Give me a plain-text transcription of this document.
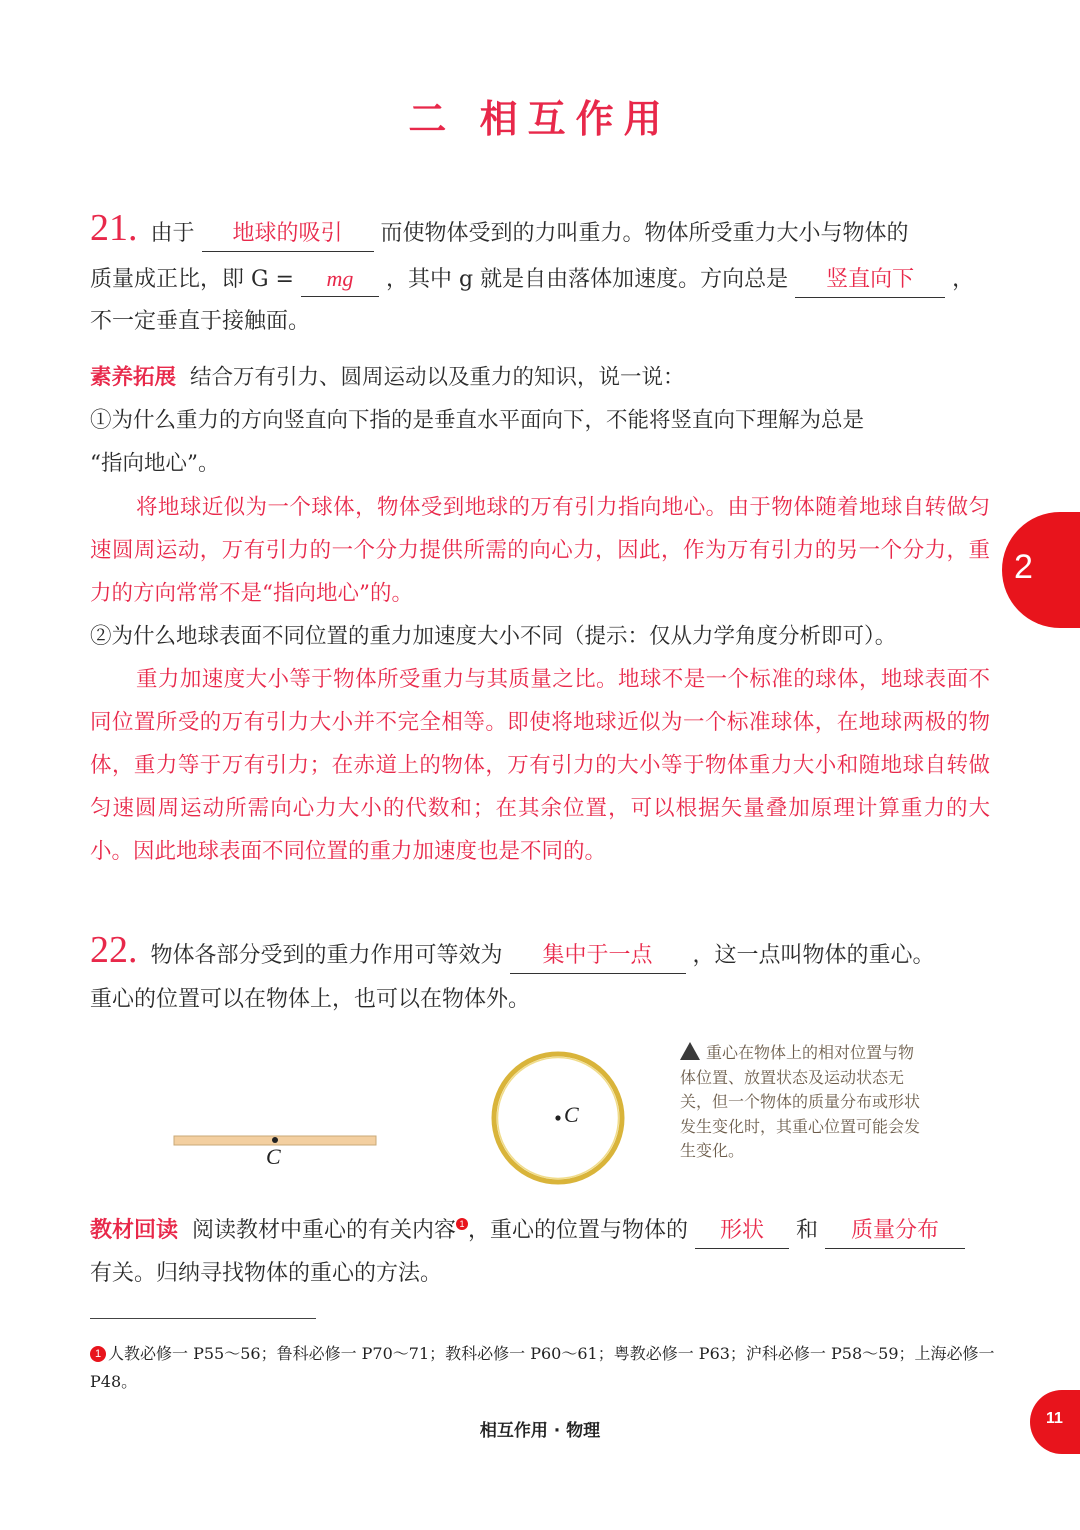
二 相互作用
21. 由于 地球的吸引 而使物体受到的力叫重力。物体所受重力大小与物体的
质量成正比，即 G = mg ，其中 g 就是自由落体加速度。方向总是 竖直向下 ，
不一定垂直于接触面。
素养拓展 结合万有引力、圆周运动以及重力的知识，说一说：
①为什么重力的方向竖直向下指的是垂直水平面向下，不能将竖直向下理解为总是
“指向地心”。
将地球近似为一个球体，物体受到地球的万有引力指向地心。由于物体随着地球自转做匀速圆周运动，万有引力的一个分力提供所需的向心力，因此，作为万有引力的另一个分力，重力的方向常常不是“指向地心”的。
②为什么地球表面不同位置的重力加速度大小不同（提示：仅从力学角度分析即可）。
重力加速度大小等于物体所受重力与其质量之比。地球不是一个标准的球体，地球表面不同位置所受的万有引力大小并不完全相等。即使将地球近似为一个标准球体，在地球两极的物体，重力等于万有引力；在赤道上的物体，万有引力的大小等于物体重力大小和随地球自转做匀速圆周运动所需向心力大小的代数和；在其余位置，可以根据矢量叠加原理计算重力的大小。因此地球表面不同位置的重力加速度也是不同的。
2
22. 物体各部分受到的重力作用可等效为 集中于一点 ，这一点叫物体的重心。
重心的位置可以在物体上，也可以在物体外。
C
C
重心在物体上的相对位置与物体位置、放置状态及运动状态无关，但一个物体的质量分布或形状发生变化时，其重心位置可能会发生变化。
教材回读 阅读教材中重心的有关内容 1 ，重心的位置与物体的 形状 和 质量分布
有关。归纳寻找物体的重心的方法。
1 人教必修一 P55～56；鲁科必修一 P70～71；教科必修一 P60～61；粤教必修一 P63；沪科必修一 P58～59；上海必修一 P48。
相互作用 · 物理
11
